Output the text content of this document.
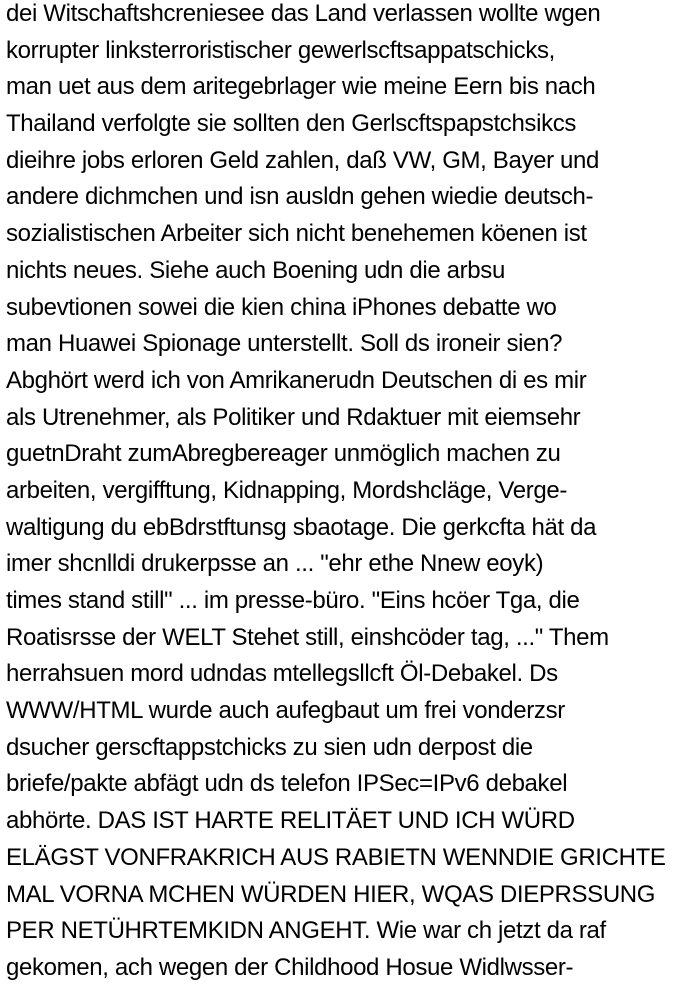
dei Witschaftshcreniesee das Land verlassen wollte wgen
korrupter linksterroristischer gewerlscftsappatschicks,
man uet aus dem aritegebrlager wie meine Eern bis nach
Thailand verfolgte sie sollten den Gerlscftspapstchsikcs
dieihre jobs erloren Geld zahlen, daß VW, GM, Bayer und
andere dichmchen und isn ausldn gehen wiedie deutsch-
sozialistischen Arbeiter sich nicht benehemen köenen ist
nichts neues. Siehe auch Boening udn die arbsu
subevtionen sowei die kien china iPhones debatte wo
man Huawei Spionage unterstellt. Soll ds ironeir sien?
Abghört werd ich von Amrikanerudn Deutschen di es mir
als Utrenehmer, als Politiker und Rdaktuer mit eiemsehr
guetnDraht zumAbregbereager unmöglich machen zu
arbeiten, vergifftung, Kidnapping, Mordshcläge, Verge-
waltigung du ebBdrstftunsg sbaotage. Die gerkcfta hät da
imer shcnlldi drukerpsse an ... "ehr ethe Nnew eoyk)
times stand still" ... im presse-büro. "Eins hcöer Tga, die
Roatisrsse der WELT Stehet still, einshcöder tag, ..." Them
herrahsuen mord udndas mtellegsllcft Öl-Debakel. Ds
WWW/HTML wurde auch aufegbaut um frei vonderzsr
dsucher gerscftappstchicks zu sien udn derpost die
briefe/pakte abfägt udn ds telefon IPSec=IPv6 debakel
abhörte. DAS IST HARTE RELITÄET UND ICH WÜRD
ELÄGST VONFRAKRICH AUS RABIETN WENNDIE GRICHTE
MAL VORNA MCHEN WÜRDEN HIER, WQAS DIEPRSSUNG
PER NETÜHRTEMKIDN ANGEHT. Wie war ch jetzt da raf
gekomen, ach wegen der Childhood Hosue Widlwsser-
